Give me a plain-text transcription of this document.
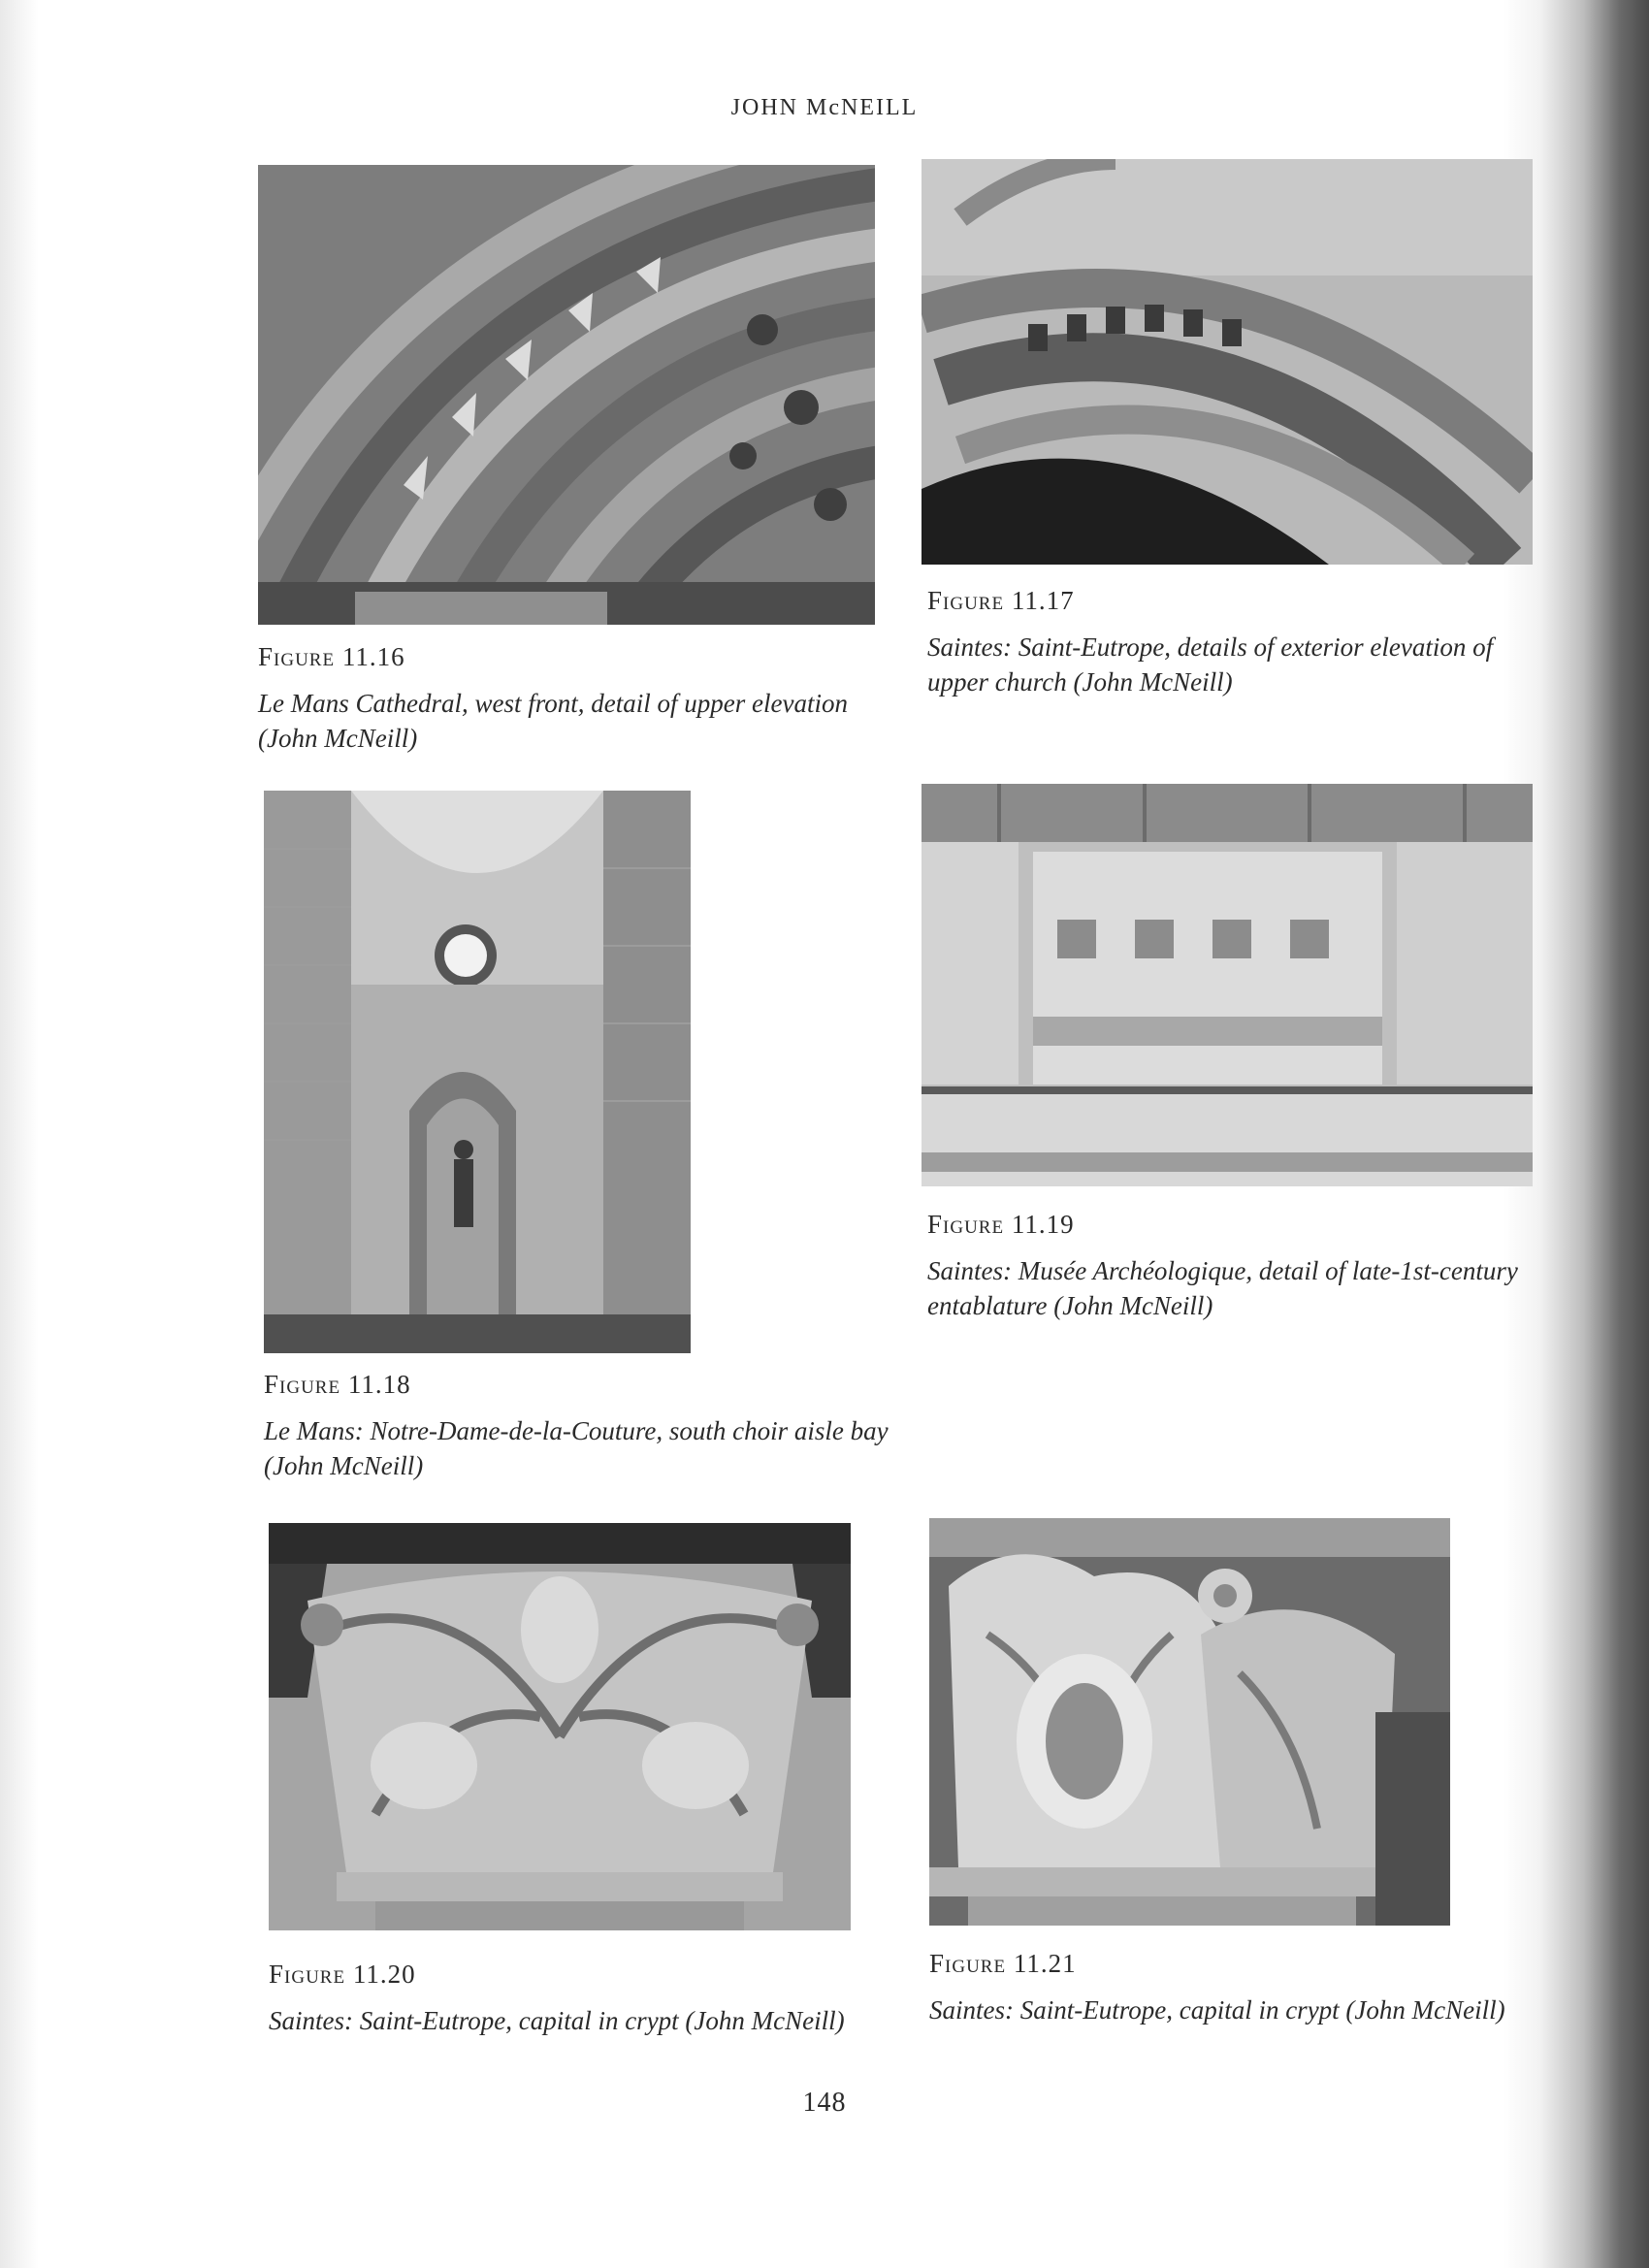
JOHN McNEILL
Figure 11.16
Le Mans Cathedral, west front, detail of upper elevation (John McNeill)
Figure 11.17
Saintes: Saint-Eutrope, details of exterior elevation of upper church (John McNeill)
Figure 11.18
Le Mans: Notre-Dame-de-la-Couture, south choir aisle bay (John McNeill)
Figure 11.19
Saintes: Musée Archéologique, detail of late-1st-century entablature (John McNeill)
Figure 11.20
Saintes: Saint-Eutrope, capital in crypt (John McNeill)
Figure 11.21
Saintes: Saint-Eutrope, capital in crypt (John McNeill)
148
